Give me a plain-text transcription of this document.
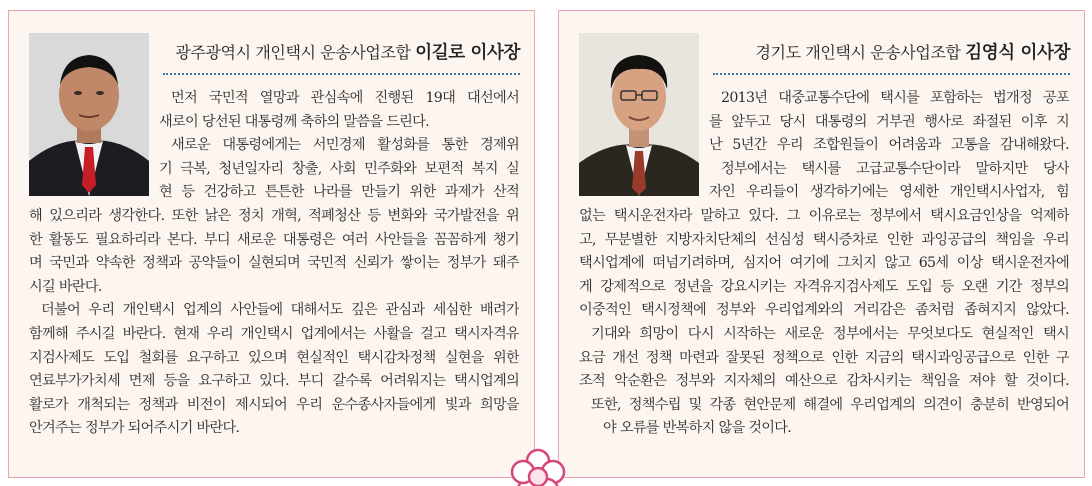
광주광역시 개인택시 운송사업조합 이길로 이사장
먼저 국민적 열망과 관심속에 진행된 19대 대선에서
새로이 당선된 대통령께 축하의 말씀을 드린다.
새로운 대통령에게는 서민경제 활성화를 통한 경제위
기 극복, 청년일자리 창출, 사회 민주화와 보편적 복지 실
현 등 건강하고 튼튼한 나라를 만들기 위한 과제가 산적
해 있으리라 생각한다. 또한 낡은 정치 개혁, 적폐청산 등 변화와 국가발전을 위
한 활동도 필요하리라 본다. 부디 새로운 대통령은 여러 사안들을 꼼꼼하게 챙기
며 국민과 약속한 정책과 공약들이 실현되며 국민적 신뢰가 쌓이는 정부가 돼주
시길 바란다.
더불어 우리 개인택시 업계의 사안들에 대해서도 깊은 관심과 세심한 배려가
함께해 주시길 바란다. 현재 우리 개인택시 업계에서는 사활을 걸고 택시자격유
지검사제도 도입 철회를 요구하고 있으며 현실적인 택시감차정책 실현을 위한
연료부가가치세 면제 등을 요구하고 있다. 부디 갈수록 어려워지는 택시업계의
활로가 개척되는 정책과 비전이 제시되어 우리 운수종사자들에게 빛과 희망을
안겨주는 정부가 되어주시기 바란다.
경기도 개인택시 운송사업조합 김영식 이사장
2013년 대중교통수단에 택시를 포함하는 법개정 공포
를 앞두고 당시 대통령의 거부권 행사로 좌절된 이후 지
난 5년간 우리 조합원들이 어려움과 고통을 감내해왔다.
정부에서는 택시를 고급교통수단이라 말하지만 당사
자인 우리들이 생각하기에는 영세한 개인택시사업자, 힘
없는 택시운전자라 말하고 있다. 그 이유로는 정부에서 택시요금인상을 억제하
고, 무분별한 지방자치단체의 선심성 택시증차로 인한 과잉공급의 책임을 우리
택시업계에 떠넘기려하며, 심지어 여기에 그치지 않고 65세 이상 택시운전자에
게 강제적으로 정년을 강요시키는 자격유지검사제도 도입 등 오랜 기간 정부의
이중적인 택시정책에 정부와 우리업계와의 거리감은 좀처럼 좁혀지지 않았다.
기대와 희망이 다시 시작하는 새로운 정부에서는 무엇보다도 현실적인 택시
요금 개선 정책 마련과 잘못된 정책으로 인한 지금의 택시과잉공급으로 인한 구
조적 악순환은 정부와 지자체의 예산으로 감차시키는 책임을 져야 할 것이다.
또한, 정책수립 및 각종 현안문제 해결에 우리업계의 의견이 충분히 반영되어
야 오류를 반복하지 않을 것이다.
